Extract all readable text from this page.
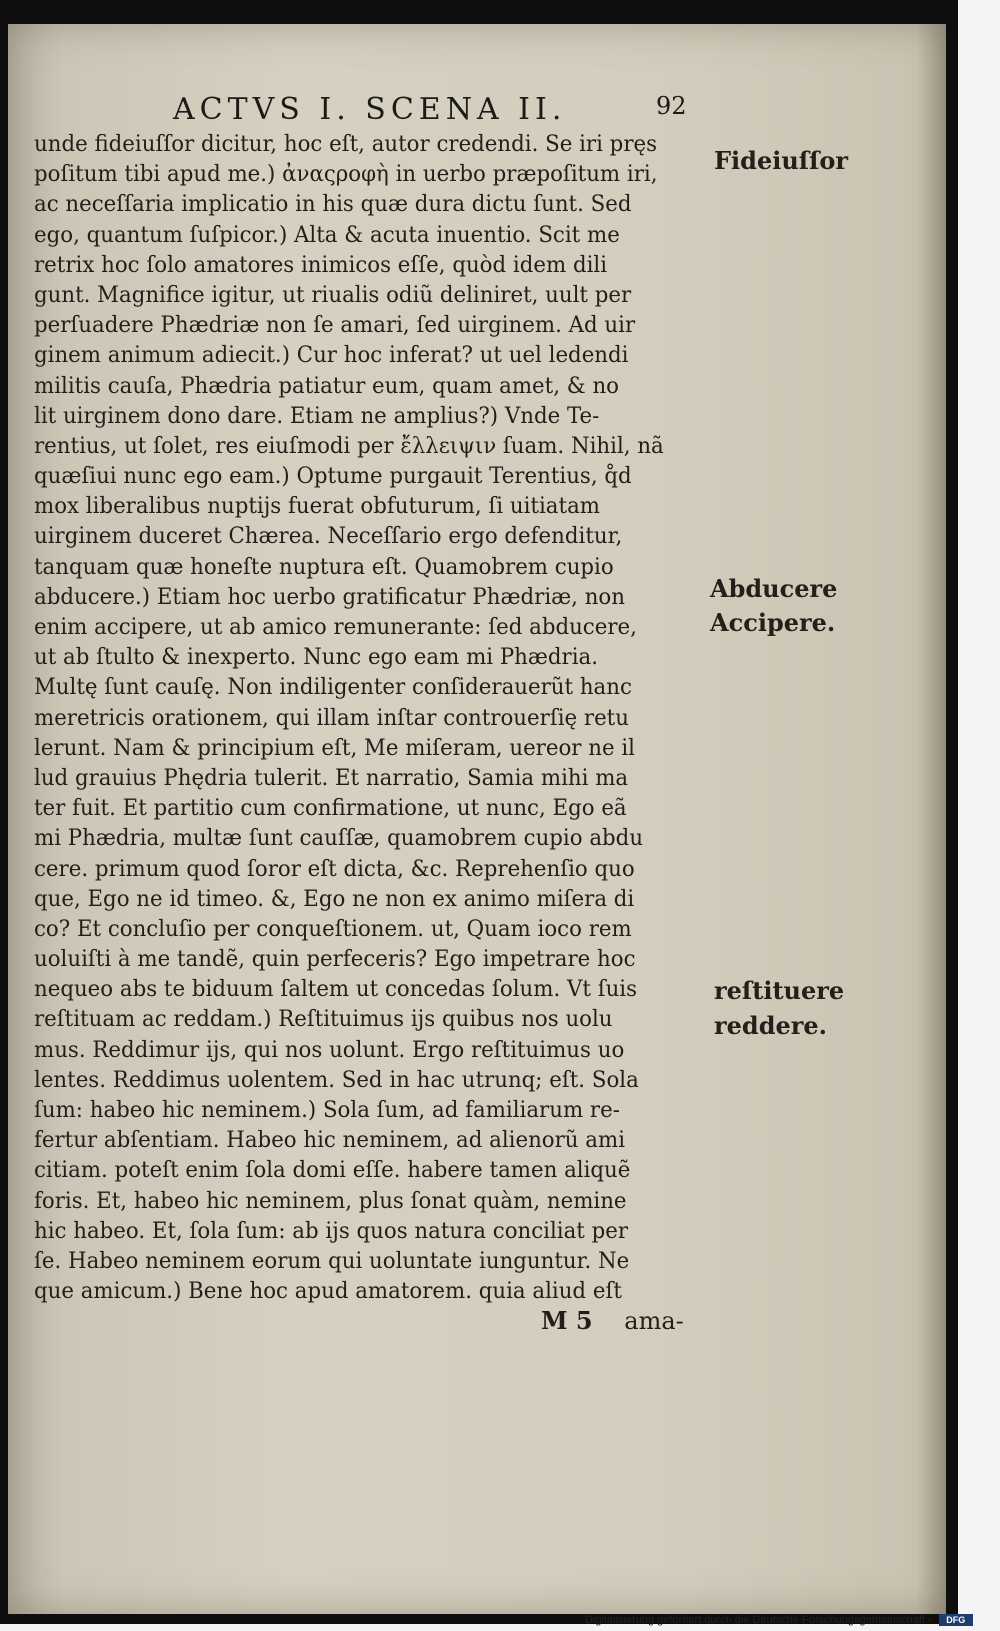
ACTVS I. SCENA II.	92
unde fideiuſſor dicitur, hoc eſt, autor credendi. Se iri pręs
poſitum tibi apud me.) ἀναςροφὴ in uerbo præpoſitum iri,
ac neceſſaria implicatio in his quæ dura dictu ſunt. Sed
ego, quantum ſuſpicor.) Alta & acuta inuentio. Scit me
retrix hoc ſolo amatores inimicos eſſe, quòd idem dili
gunt. Magnifice igitur, ut riualis odiũ deliniret, uult per
perſuadere Phædriæ non ſe amari, ſed uirginem. Ad uir
ginem animum adiecit.) Cur hoc inferat? ut uel ledendi
militis cauſa, Phædria patiatur eum, quam amet, & no
lit uirginem dono dare. Etiam ne amplius?) Vnde Te-
rentius, ut ſolet, res eiuſmodi per ἔλλειψιν ſuam. Nihil, nã
quæſiui nunc ego eam.) Optume purgauit Terentius, q̊d
mox liberalibus nuptijs fuerat obfuturum, ſi uitiatam
uirginem duceret Chærea. Neceſſario ergo defenditur,
tanquam quæ honeſte nuptura eſt. Quamobrem cupio
abducere.) Etiam hoc uerbo gratificatur Phædriæ, non
enim accipere, ut ab amico remunerante: ſed abducere,
ut ab ſtulto & inexperto. Nunc ego eam mi Phædria.
Multę ſunt cauſę. Non indiligenter conſiderauerũt hanc
meretricis orationem, qui illam inſtar controuerſię retu
lerunt. Nam & principium eſt, Me miſeram, uereor ne il
lud grauius Phędria tulerit. Et narratio, Samia mihi ma
ter fuit. Et partitio cum confirmatione, ut nunc, Ego eã
mi Phædria, multæ ſunt cauſſæ, quamobrem cupio abdu
cere. primum quod ſoror eſt dicta, &c. Reprehenſio quo
que, Ego ne id timeo. &, Ego ne non ex animo miſera di
co? Et concluſio per conqueſtionem. ut, Quam ioco rem
uoluiſti à me tandẽ, quin perfeceris? Ego impetrare hoc
nequeo abs te biduum ſaltem ut concedas ſolum. Vt ſuis
reſtituam ac reddam.) Reſtituimus ijs quibus nos uolu
mus. Reddimur ijs, qui nos uolunt. Ergo reſtituimus uo
lentes. Reddimus uolentem. Sed in hac utrunq; eſt. Sola
ſum: habeo hic neminem.) Sola ſum, ad familiarum re-
fertur abſentiam. Habeo hic neminem, ad alienorũ ami
citiam. poteſt enim ſola domi eſſe. habere tamen aliquẽ
foris. Et, habeo hic neminem, plus ſonat quàm, nemine
hic habeo. Et, ſola ſum: ab ijs quos natura conciliat per
ſe. Habeo neminem eorum qui uoluntate iunguntur. Ne
que amicum.) Bene hoc apud amatorem. quia aliud eſt
Fideiuſſor
Abducere
Accipere.
reſtituere
reddere.
M 5 ama-
Digitalisierung gefördert durch die Deutsche Forschungsgemeinschaft - DFG
